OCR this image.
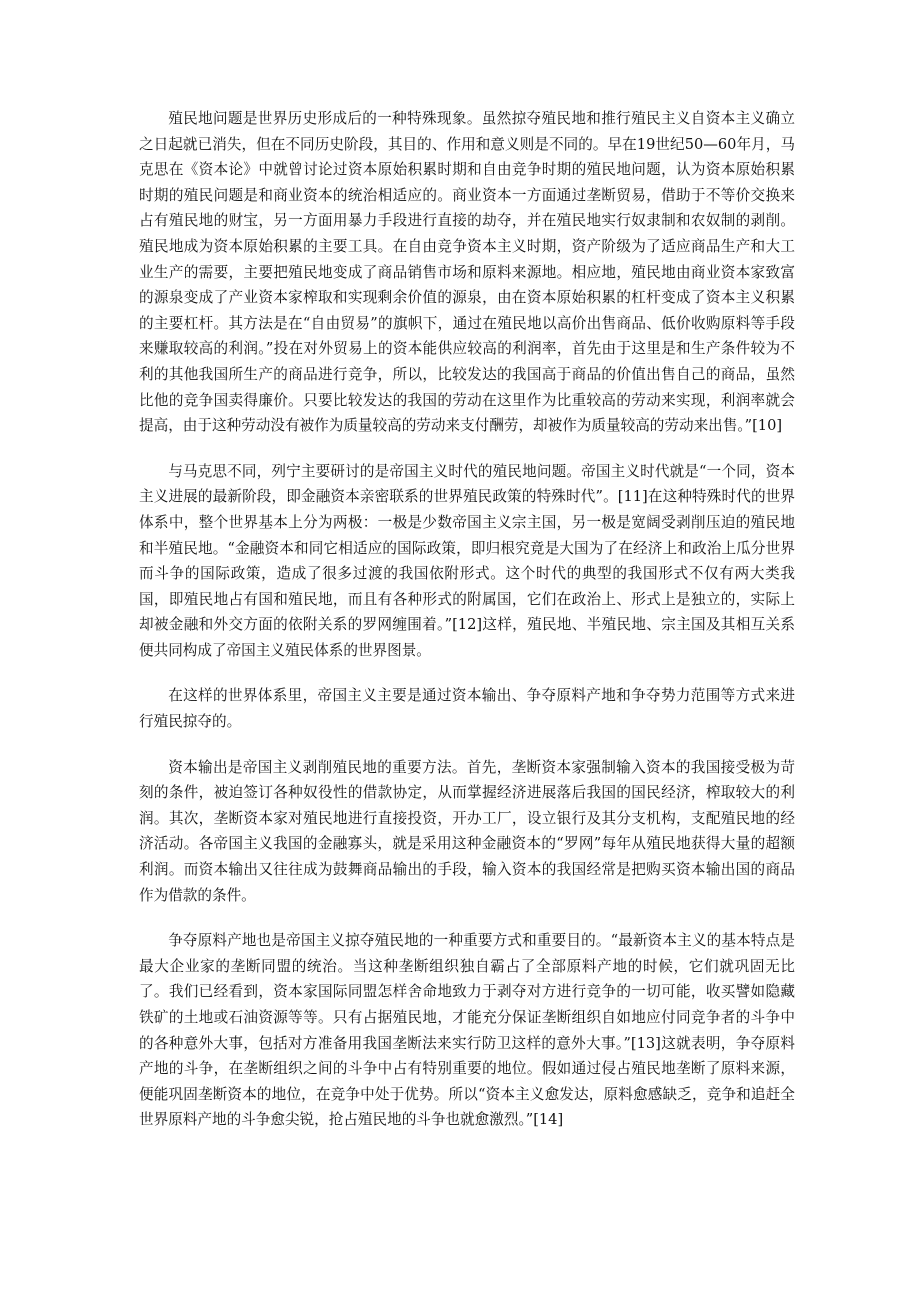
殖民地问题是世界历史形成后的一种特殊现象。虽然掠夺殖民地和推行殖民主义自资本主义确立之日起就已消失，但在不同历史阶段，其目的、作用和意义则是不同的。早在19世纪50—60年月，马克思在《资本论》中就曾讨论过资本原始积累时期和自由竞争时期的殖民地问题，认为资本原始积累时期的殖民问题是和商业资本的统治相适应的。商业资本一方面通过垄断贸易，借助于不等价交换来占有殖民地的财宝，另一方面用暴力手段进行直接的劫夺，并在殖民地实行奴隶制和农奴制的剥削。殖民地成为资本原始积累的主要工具。在自由竞争资本主义时期，资产阶级为了适应商品生产和大工业生产的需要，主要把殖民地变成了商品销售市场和原料来源地。相应地，殖民地由商业资本家致富的源泉变成了产业资本家榨取和实现剩余价值的源泉，由在资本原始积累的杠杆变成了资本主义积累的主要杠杆。其方法是在“自由贸易”的旗帜下，通过在殖民地以高价出售商品、低价收购原料等手段来赚取较高的利润。”投在对外贸易上的资本能供应较高的利润率，首先由于这里是和生产条件较为不利的其他我国所生产的商品进行竞争，所以，比较发达的我国高于商品的价值出售自己的商品，虽然比他的竞争国卖得廉价。只要比较发达的我国的劳动在这里作为比重较高的劳动来实现，利润率就会提高，由于这种劳动没有被作为质量较高的劳动来支付酬劳，却被作为质量较高的劳动来出售。”[10]

与马克思不同，列宁主要研讨的是帝国主义时代的殖民地问题。帝国主义时代就是“一个同，资本主义进展的最新阶段，即金融资本亲密联系的世界殖民政策的特殊时代”。[11]在这种特殊时代的世界体系中，整个世界基本上分为两极：一极是少数帝国主义宗主国，另一极是宽阔受剥削压迫的殖民地和半殖民地。“金融资本和同它相适应的国际政策，即归根究竟是大国为了在经济上和政治上瓜分世界而斗争的国际政策，造成了很多过渡的我国依附形式。这个时代的典型的我国形式不仅有两大类我国，即殖民地占有国和殖民地，而且有各种形式的附属国，它们在政治上、形式上是独立的，实际上却被金融和外交方面的依附关系的罗网缠围着。”[12]这样，殖民地、半殖民地、宗主国及其相互关系便共同构成了帝国主义殖民体系的世界图景。

在这样的世界体系里，帝国主义主要是通过资本输出、争夺原料产地和争夺势力范围等方式来进行殖民掠夺的。

资本输出是帝国主义剥削殖民地的重要方法。首先，垄断资本家强制输入资本的我国接受极为苛刻的条件，被迫签订各种奴役性的借款协定，从而掌握经济进展落后我国的国民经济，榨取较大的利润。其次，垄断资本家对殖民地进行直接投资，开办工厂，设立银行及其分支机构，支配殖民地的经济活动。各帝国主义我国的金融寡头，就是采用这种金融资本的“罗网”每年从殖民地获得大量的超额利润。而资本输出又往往成为鼓舞商品输出的手段，输入资本的我国经常是把购买资本输出国的商品作为借款的条件。

争夺原料产地也是帝国主义掠夺殖民地的一种重要方式和重要目的。“最新资本主义的基本特点是最大企业家的垄断同盟的统治。当这种垄断组织独自霸占了全部原料产地的时候，它们就巩固无比了。我们已经看到，资本家国际同盟怎样舍命地致力于剥夺对方进行竞争的一切可能，收买譬如隐藏铁矿的土地或石油资源等等。只有占据殖民地，才能充分保证垄断组织自如地应付同竞争者的斗争中的各种意外大事，包括对方准备用我国垄断法来实行防卫这样的意外大事。”[13]这就表明，争夺原料产地的斗争，在垄断组织之间的斗争中占有特别重要的地位。假如通过侵占殖民地垄断了原料来源，便能巩固垄断资本的地位，在竞争中处于优势。所以“资本主义愈发达，原料愈感缺乏，竞争和追赶全世界原料产地的斗争愈尖锐，抢占殖民地的斗争也就愈激烈。”[14]
